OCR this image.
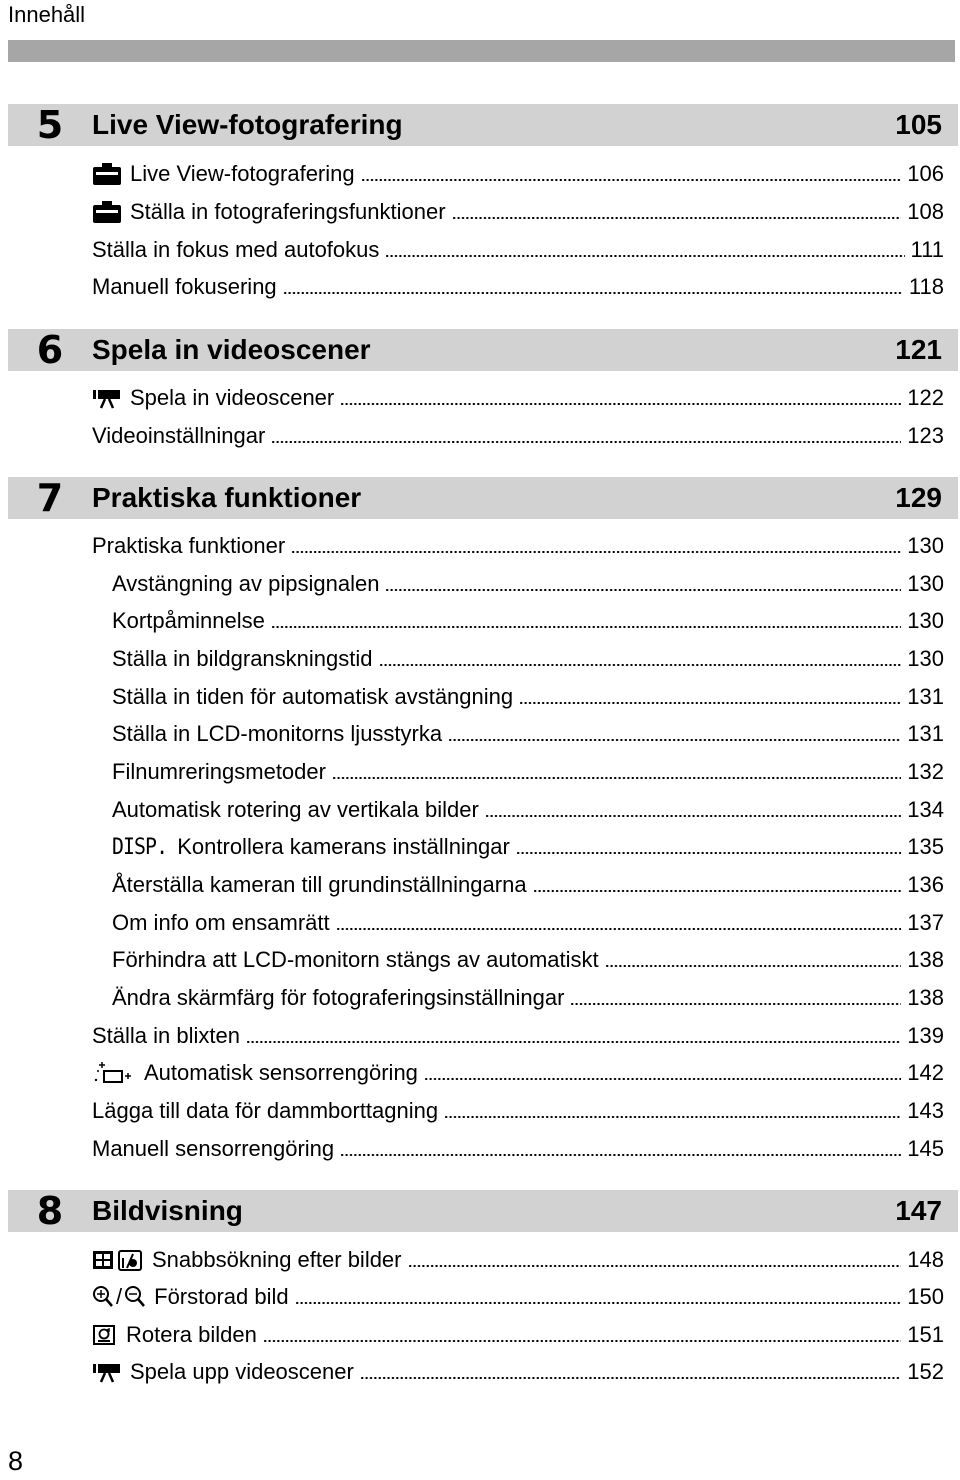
Innehåll
5	Live View-fotografering	105
Live View-fotografering	106
Ställa in fotograferingsfunktioner	108
Ställa in fokus med autofokus	111
Manuell fokusering	118
6	Spela in videoscener	121
Spela in videoscener	122
Videoinställningar	123
7	Praktiska funktioner	129
Praktiska funktioner	130
Avstängning av pipsignalen	130
Kortpåminnelse	130
Ställa in bildgranskningstid	130
Ställa in tiden för automatisk avstängning	131
Ställa in LCD-monitorns ljusstyrka	131
Filnumreringsmetoder	132
Automatisk rotering av vertikala bilder	134
DISP. Kontrollera kamerans inställningar	135
Återställa kameran till grundinställningarna	136
Om info om ensamrätt	137
Förhindra att LCD-monitorn stängs av automatiskt	138
Ändra skärmfärg för fotograferingsinställningar	138
Ställa in blixten	139
Automatisk sensorrengöring	142
Lägga till data för dammborttagning	143
Manuell sensorrengöring	145
8	Bildvisning	147
Snabbsökning efter bilder	148
/ Förstorad bild	150
Rotera bilden	151
Spela upp videoscener	152
8
